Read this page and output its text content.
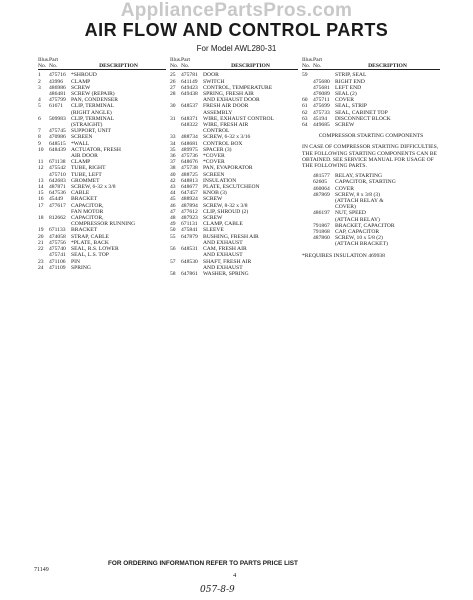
AppliancePartsPros.com
AIR FLOW AND CONTROL PARTS
For Model AWL280-31
Illus. Part
No. No.	DESCRIPTION
1	475716 *SHROUD
2	43996	CLAMP
3	486986 SCREW
486481 SCREW (REPAIR)
4	475799 PAN, CONDENSER
5	61671	CLIP, TERMINAL
(RIGHT ANGLE)
6	509983 CLIP, TERMINAL
(STRAIGHT)
7	475745 SUPPORT, UNIT
8	470986 SCREEN
9	648515 *WALL
10 648439 ACTUATOR, FRESH
AIR DOOR
11	671138 CLAMP
12 475542 TUBE, RIGHT
475710 TUBE, LEFT
13 642683 GROMMET
14 487871 SCREW, 6-32 x 3/8
15 647536 CABLE
16 45449	BRACKET
17 477617 CAPACITOR,
FAN MOTOR
18 812662 CAPACITOR,
COMPRESSOR RUNNING
19 671133 BRACKET
20 474058 STRAP, CABLE
21 475756 *PLATE, BACK
22 475740 SEAL, R.S. LOWER
475741 SEAL, L.S. TOP
23 471106 PIN
24 471109 SPRING
Illus. Part
No. No.	DESCRIPTION
25 475781 DOOR
26 641149 SWITCH
27 649423 CONTROL, TEMPERATURE
28 649438 SPRING, FRESH AIR
AND EXHAUST DOOR
30 648537 FRESH AIR DOOR
ASSEMBLY
31 648371 WIRE, EXHAUST CONTROL
648322 WIRE, FRESH AIR
CONTROL
33 488734 SCREW, 6-32 x 3/16
34 648681 CONTROL BOX
35 489975 SPACER (3)
36 475736 *COVER
37 648676 *COVER
38 475738 PAN, EVAPORATOR
40 488725 SCREEN
42 648813 INSULATION
43 648677 PLATE, ESCUTCHEON
44 647457 KNOB (3)
45 488924 SCREW
46 487894 SCREW, 8-32 x 3/8
47 477612 CLIP, SHROUD (2)
48 487923 SCREW
49 671131 CLAMP, CABLE
50 475841 SLEEVE
55 647879 BUSHING, FRESH AIR
AND EXHAUST
56 648531 CAM, FRESH AIR
AND EXHAUST
57 648530 SHAFT, FRESH AIR
AND EXHAUST
58 647861 WASHER, SPRING
Illus. Part
No. No.	DESCRIPTION
59	STRIP, SEAL
475680 RIGHT END
475681 LEFT END
476089 SEAL (2)
60 475711 COVER
61 475699 SEAL, STRIP
62 475733 SEAL, CABINET TOP
63 45194	DISCONNECT BLOCK
64 449685 SCREW
COMPRESSOR STARTING COMPONENTS
IN CASE OF COMPRESSOR STARTING DIFFICULTIES, THE FOLLOWING STARTING COMPONENTS CAN BE OBTAINED. SEE SERVICE MANUAL FOR USAGE OF THE FOLLOWING PARTS.
481577 RELAY, STARTING
62605	CAPACITOR, STARTING
460064 COVER
487869 SCREW, 8 x 3/8 (3)
(ATTACH RELAY &
COVER)
486197 NUT, SPEED
(ATTACH RELAY)
791867 BRACKET, CAPACITOR
791868 CAP, CAPACITOR
487860 SCREW, 10 x 5/8 (2)
(ATTACH BRACKET)
*REQUIRES INSULATION 469938
FOR ORDERING INFORMATION REFER TO PARTS PRICE LIST
71149
4
057-8-9
